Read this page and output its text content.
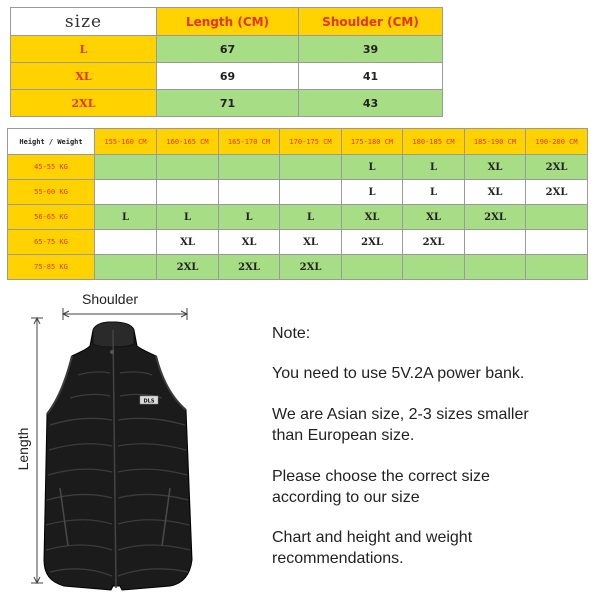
size	Length (CM)	Shoulder (CM)
L	67	39
XL	69	41
2XL	71	43
Height / Weight	155-160 CM	160-165 CM	165-170 CM	170-175 CM	175-180 CM	180-185 CM	185-190 CM	190-200 CM
45-55 KG					L	L	XL	2XL
55-60 KG					L	L	XL	2XL
56-65 KG	L	L	L	L	XL	XL	2XL	
65-75 KG		XL	XL	XL	2XL	2XL		
75-85 KG		2XL	2XL	2XL				
Shoulder
Length
DLS

Note:

You need to use 5V.2A power bank.

We are Asian size, 2-3 sizes smaller
than European size.

Please choose the correct size
according to our size

Chart and height and weight
recommendations.
